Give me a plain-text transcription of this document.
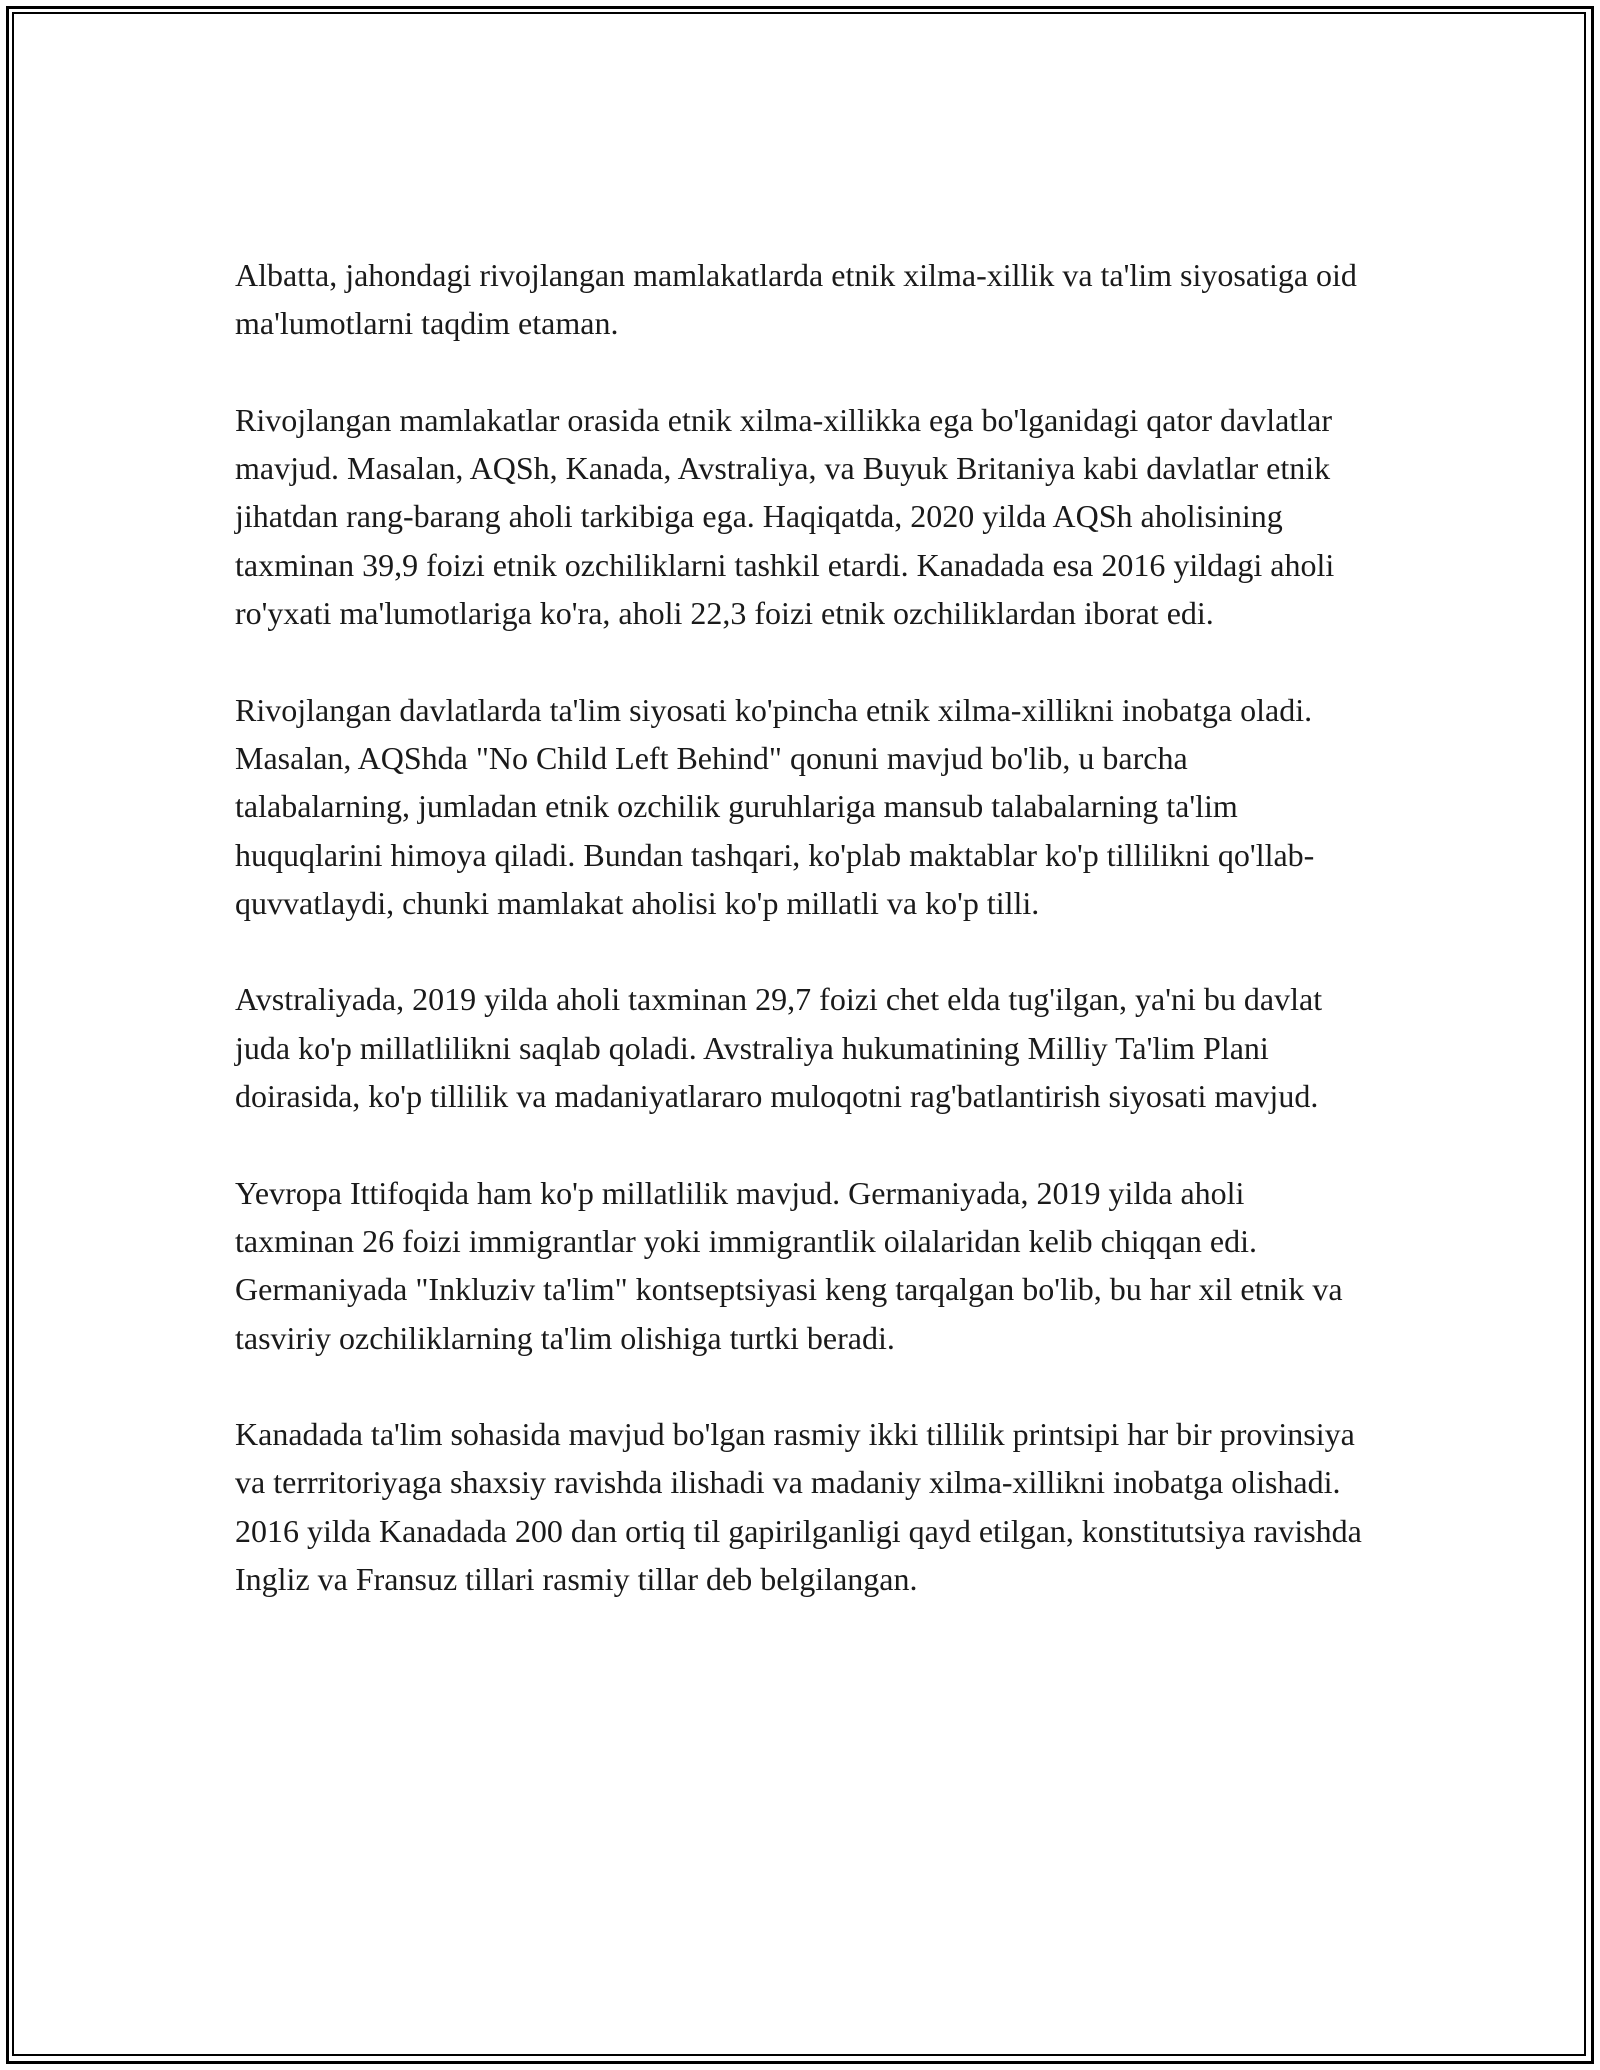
Albatta, jahondagi rivojlangan mamlakatlarda etnik xilma-xillik va ta'lim siyosatiga oid ma'lumotlarni taqdim etaman.

Rivojlangan mamlakatlar orasida etnik xilma-xillikka ega bo'lganidagi qator davlatlar mavjud. Masalan, AQSh, Kanada, Avstraliya, va Buyuk Britaniya kabi davlatlar etnik jihatdan rang-barang aholi tarkibiga ega. Haqiqatda, 2020 yilda AQSh aholisining taxminan 39,9 foizi etnik ozchiliklarni tashkil etardi. Kanadada esa 2016 yildagi aholi ro'yxati ma'lumotlariga ko'ra, aholi 22,3 foizi etnik ozchiliklardan iborat edi.

Rivojlangan davlatlarda ta'lim siyosati ko'pincha etnik xilma-xillikni inobatga oladi. Masalan, AQShda "No Child Left Behind" qonuni mavjud bo'lib, u barcha talabalarning, jumladan etnik ozchilik guruhlariga mansub talabalarning ta'lim huquqlarini himoya qiladi. Bundan tashqari, ko'plab maktablar ko'p tillilikni qo'llab-quvvatlaydi, chunki mamlakat aholisi ko'p millatli va ko'p tilli.

Avstraliyada, 2019 yilda aholi taxminan 29,7 foizi chet elda tug'ilgan, ya'ni bu davlat juda ko'p millatlilikni saqlab qoladi. Avstraliya hukumatining Milliy Ta'lim Plani doirasida, ko'p tillilik va madaniyatlararo muloqotni rag'batlantirish siyosati mavjud.

Yevropa Ittifoqida ham ko'p millatlilik mavjud. Germaniyada, 2019 yilda aholi taxminan 26 foizi immigrantlar yoki immigrantlik oilalaridan kelib chiqqan edi. Germaniyada "Inkluziv ta'lim" kontseptsiyasi keng tarqalgan bo'lib, bu har xil etnik va tasviriy ozchiliklarning ta'lim olishiga turtki beradi.

Kanadada ta'lim sohasida mavjud bo'lgan rasmiy ikki tillilik printsipi har bir provinsiya va terrritoriyaga shaxsiy ravishda ilishadi va madaniy xilma-xillikni inobatga olishadi. 2016 yilda Kanadada 200 dan ortiq til gapirilganligi qayd etilgan, konstitutsiya ravishda Ingliz va Fransuz tillari rasmiy tillar deb belgilangan.
